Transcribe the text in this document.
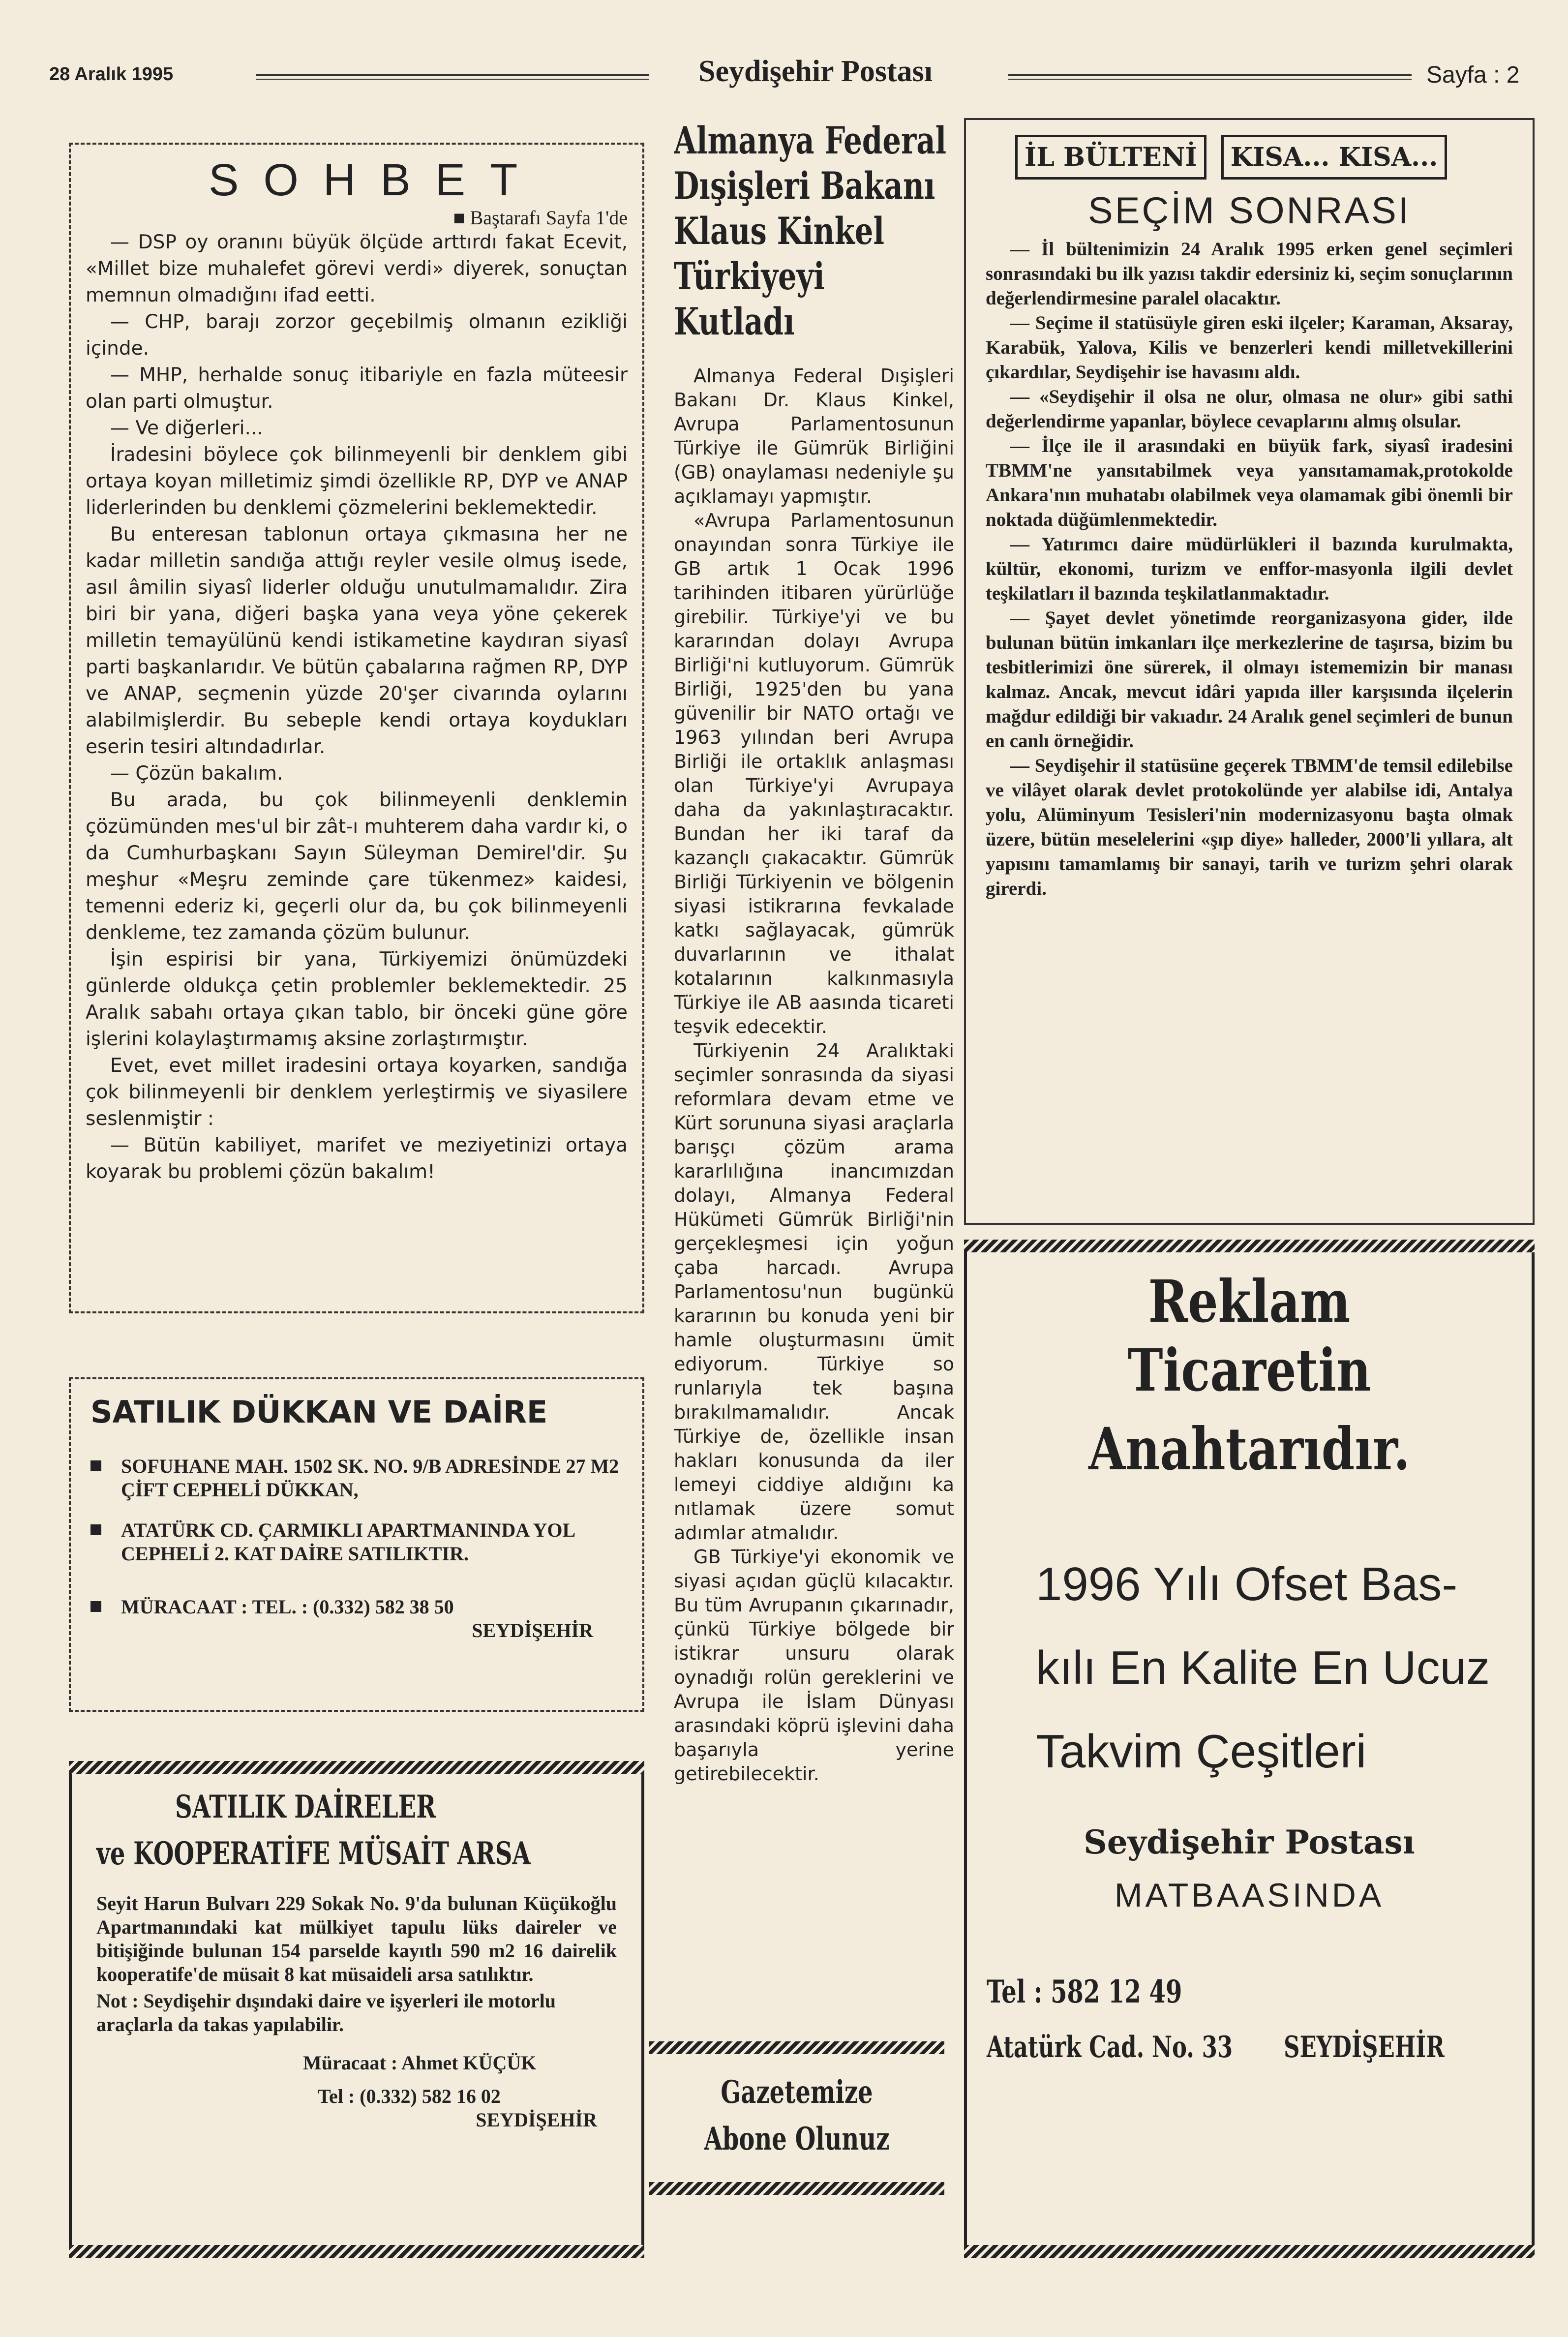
28 Aralık 1995	Seydişehir Postası	Sayfa : 2
SOHBET
■ Baştarafı Sayfa 1'de

— DSP oy oranını büyük ölçüde arttırdı fakat Ecevit, «Millet bize muhalefet görevi verdi» diyerek, sonuçtan memnun olmadığını ifad eetti.

— CHP, barajı zorzor geçebilmiş olmanın ezikliği içinde.

— MHP, herhalde sonuç itibariyle en fazla müteesir olan parti olmuştur.

— Ve diğerleri...

İradesini böylece çok bilinmeyenli bir denklem gibi ortaya koyan milletimiz şimdi özellikle RP, DYP ve ANAP liderlerinden bu denklemi çözmelerini beklemektedir.

Bu enteresan tablonun ortaya çıkmasına her ne kadar milletin sandığa attığı reyler vesile olmuş isede, asıl âmilin siyasî liderler olduğu unutulmamalıdır. Zira biri bir yana, diğeri başka yana veya yöne çekerek milletin temayülünü kendi istikametine kaydıran siyasî parti başkanlarıdır. Ve bütün çabalarına rağmen RP, DYP ve ANAP, seçmenin yüzde 20'şer civarında oylarını alabilmişlerdir. Bu sebeple kendi ortaya koydukları eserin tesiri altındadırlar.

— Çözün bakalım.

Bu arada, bu çok bilinmeyenli denklemin çözümünden mes'ul bir zât-ı muhterem daha vardır ki, o da Cumhurbaşkanı Sayın Süleyman Demirel'dir. Şu meşhur «Meşru zeminde çare tükenmez» kaidesi, temenni ederiz ki, geçerli olur da, bu çok bilinmeyenli denkleme, tez zamanda çözüm bulunur.

İşin espirisi bir yana, Türkiyemizi önümüzdeki günlerde oldukça çetin problemler beklemektedir. 25 Aralık sabahı ortaya çıkan tablo, bir önceki güne göre işlerini kolaylaştırmamış aksine zorlaştırmıştır.

Evet, evet millet iradesini ortaya koyarken, sandığa çok bilinmeyenli bir denklem yerleştirmiş ve siyasilere seslenmiştir :

— Bütün kabiliyet, marifet ve meziyetinizi ortaya koyarak bu problemi çözün bakalım!

SATILIK DÜKKAN VE DAİRE
SOFUHANE MAH. 1502 SK. NO. 9/B ADRESİNDE 27 M2 ÇİFT CEPHELİ DÜKKAN,
ATATÜRK CD. ÇARMIKLI APARTMANINDA YOL CEPHELİ 2. KAT DAİRE SATILIKTIR.
MÜRACAAT : TEL. : (0.332) 582 38 50
SEYDİŞEHİR
SATILIK DAİRELER
ve KOOPERATİFE MÜSAİT ARSA
Seyit Harun Bulvarı 229 Sokak No. 9'da bulunan Küçükoğlu Apartmanındaki kat mülkiyet tapulu lüks daireler ve bitişiğinde bulunan 154 parselde kayıtlı 590 m2 16 dairelik kooperatife'de müsait 8 kat müsaideli arsa satılıktır.
Not : Seydişehir dışındaki daire ve işyerleri ile motorlu araçlarla da takas yapılabilir.
Müracaat : Ahmet KÜÇÜK
Tel : (0.332) 582 16 02
SEYDİŞEHİR
Almanya Federal
Dışişleri Bakanı
Klaus Kinkel
Türkiyeyi Kutladı

Almanya Federal Dışişleri Bakanı Dr. Klaus Kinkel, Avrupa Parlamentosunun Türkiye ile Gümrük Birliğini (GB) onaylaması nedeniyle şu açıklamayı yapmıştır.

«Avrupa Parlamentosunun onayından sonra Türkiye ile GB artık 1 Ocak 1996 tarihinden itibaren yürürlüğe girebilir. Türkiye'yi ve bu kararından dolayı Avrupa Birliği'ni kutluyorum. Gümrük Birliği, 1925'den bu yana güvenilir bir NATO ortağı ve 1963 yılından beri Avrupa Birliği ile ortaklık anlaşması olan Türkiye'yi Avrupaya daha da yakınlaştıracaktır. Bundan her iki taraf da kazançlı çıakacaktır. Gümrük Birliği Türkiyenin ve bölgenin siyasi istikrarına fevkalade katkı sağlayacak, gümrük duvarlarının ve ithalat kotalarının kalkınmasıyla Türkiye ile AB aasında ticareti teşvik edecektir.

Türkiyenin 24 Aralıktaki seçimler sonrasında da siyasi reformlara devam etme ve Kürt sorununa siyasi araçlarla barışçı çözüm arama kararlılığına inancımızdan dolayı, Almanya Federal Hükümeti Gümrük Birliği'nin gerçekleşmesi için yoğun çaba harcadı. Avrupa Parlamentosu'nun bugünkü kararının bu konuda yeni bir hamle oluşturmasını ümit ediyorum. Türkiye so runlarıyla tek başına bırakılmamalıdır. Ancak Türkiye de, özellikle insan hakları konusunda da iler lemeyi ciddiye aldığını ka nıtlamak üzere somut adımlar atmalıdır.

GB Türkiye'yi ekonomik ve siyasi açıdan güçlü kılacaktır. Bu tüm Avrupanın çıkarınadır, çünkü Türkiye bölgede bir istikrar unsuru olarak oynadığı rolün gereklerini ve Avrupa ile İslam Dünyası arasındaki köprü işlevini daha başarıyla yerine getirebilecektir.

Gazetemize
Abone Olunuz
İL BÜLTENİ	KISA... KISA...
SEÇİM SONRASI

— İl bültenimizin 24 Aralık 1995 erken genel seçimleri sonrasındaki bu ilk yazısı takdir edersiniz ki, seçim sonuçlarının değerlendirmesine paralel olacaktır.

— Seçime il statüsüyle giren eski ilçeler; Karaman, Aksaray, Karabük, Yalova, Kilis ve benzerleri kendi milletvekillerini çıkardılar, Seydişehir ise havasını aldı.

— «Seydişehir il olsa ne olur, olmasa ne olur» gibi sathi değerlendirme yapanlar, böylece cevaplarını almış olsular.

— İlçe ile il arasındaki en büyük fark, siyasî iradesini TBMM'ne yansıtabilmek veya yansıtamamak,protokolde Ankara'nın muhatabı olabilmek veya olamamak gibi önemli bir noktada düğümlenmektedir.

— Yatırımcı daire müdürlükleri il bazında kurulmakta, kültür, ekonomi, turizm ve enffor-masyonla ilgili devlet teşkilatları il bazında teşkilatlanmaktadır.

— Şayet devlet yönetimde reorganizasyona gider, ilde bulunan bütün imkanları ilçe merkezlerine de taşırsa, bizim bu tesbitlerimizi öne sürerek, il olmayı istememizin bir manası kalmaz. Ancak, mevcut idâri yapıda iller karşısında ilçelerin mağdur edildiği bir vakıadır. 24 Aralık genel seçimleri de bunun en canlı örneğidir.

— Seydişehir il statüsüne geçerek TBMM'de temsil edilebilse ve vilâyet olarak devlet protokolünde yer alabilse idi, Antalya yolu, Alüminyum Tesisleri'nin modernizasyonu başta olmak üzere, bütün meselelerini «şıp diye» halleder, 2000'li yıllara, alt yapısını tamamlamış bir sanayi, tarih ve turizm şehri olarak girerdi.

Reklam Ticaretin
Anahtarıdır.
1996 Yılı Ofset Bas-
kılı En Kalite En Ucuz
Takvim Çeşitleri
Seydişehir Postası
MATBAASINDA
Tel : 582 12 49
Atatürk Cad. No. 33 SEYDİŞEHİR
